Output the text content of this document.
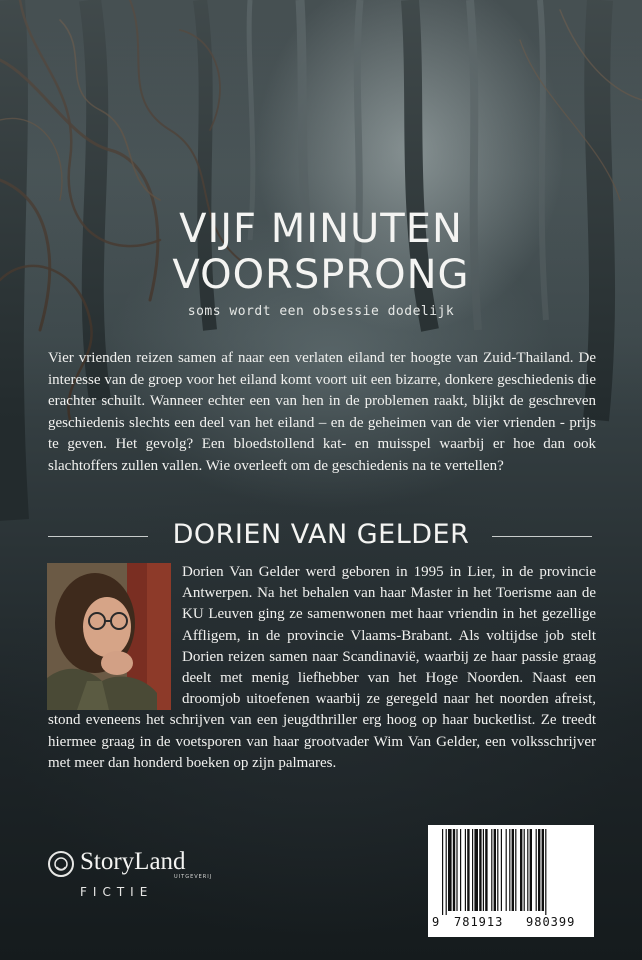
VIJF MINUTEN
VOORSPRONG
soms wordt een obsessie dodelijk
Vier vrienden reizen samen af naar een verlaten eiland ter hoogte van Zuid-Thailand. De interesse van de groep voor het eiland komt voort uit een bizarre, donkere geschiedenis die erachter schuilt. Wanneer echter een van hen in de problemen raakt, blijkt de geschreven geschiedenis slechts een deel van het eiland – en de geheimen van de vier vrienden - prijs te geven. Het gevolg? Een bloedstollend kat- en muisspel waarbij er hoe dan ook slachtoffers zullen vallen. Wie overleeft om de geschiedenis na te vertellen?
DORIEN VAN GELDER
Dorien Van Gelder werd geboren in 1995 in Lier, in de provincie Antwerpen. Na het behalen van haar Master in het Toerisme aan de KU Leuven ging ze samenwonen met haar vriendin in het gezellige Affligem, in de provincie Vlaams-Brabant. Als voltijdse job stelt Dorien reizen samen naar Scandinavië, waarbij ze haar passie graag deelt met menig liefhebber van het Hoge Noorden. Naast een droomjob uitoefenen waarbij ze geregeld naar het noorden afreist, stond eveneens het schrijven van een jeugdthriller erg hoog op haar bucketlist. Ze treedt hiermee graag in de voetsporen van haar grootvader Wim Van Gelder, een volksschrijver met meer dan honderd boeken op zijn palmares.
StoryLand
UITGEVERIJ
FICTIE
9 781913 980399
